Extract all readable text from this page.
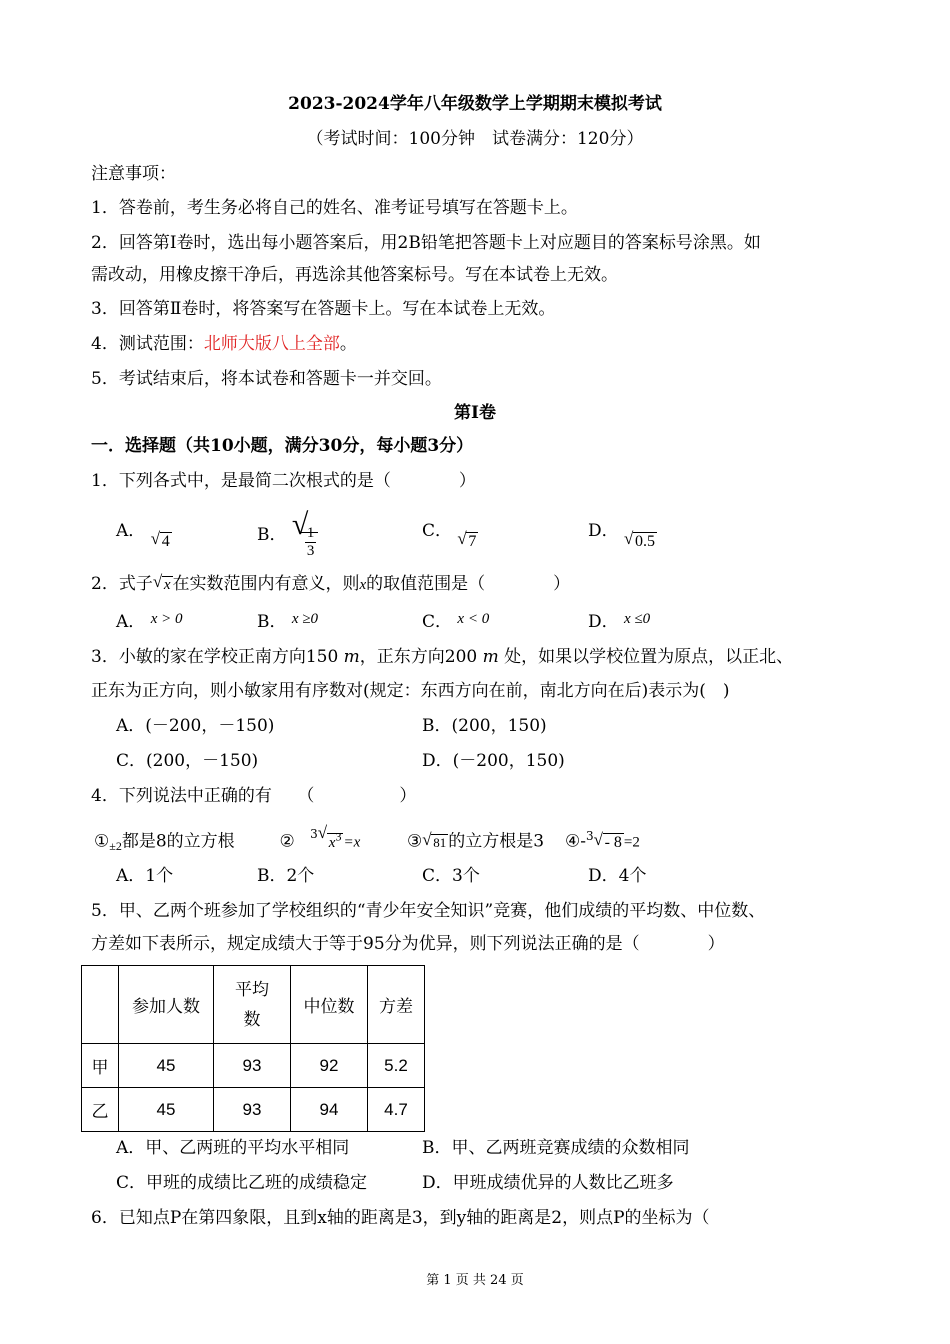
2023-2024学年八年级数学上学期期末模拟考试
（考试时间：100分钟　试卷满分：120分）
注意事项：
1．答卷前，考生务必将自己的姓名、准考证号填写在答题卡上。
2．回答第Ⅰ卷时，选出每小题答案后，用2B铅笔把答题卡上对应题目的答案标号涂黑。如
需改动，用橡皮擦干净后，再选涂其他答案标号。写在本试卷上无效。
3．回答第Ⅱ卷时，将答案写在答题卡上。写在本试卷上无效。
4．测试范围：北师大版八上全部。
5．考试结束后，将本试卷和答题卡一并交回。
第Ⅰ卷
一．选择题（共10小题，满分30分，每小题3分）
1．下列各式中，是最简二次根式的是（　　　　）
A． √ 4	B． √
$\frac{1}{3}$	C． √ 7
D． √ 0.5
2．式子 √ x 在实数范围内有意义，则x的取值范围是（　　　　）
A． x > 0	B． x ≥0	C． x < 0	D． x ≤0
3．小敏的家在学校正南方向150 m，正东方向200 m 处，如果以学校位置为原点，以正北、
正东为正方向，则小敏家用有序数对(规定：东西方向在前，南北方向在后)表示为(　)
A．(－200，－150)	B．(200，150)
C．(200，－150)	D．(－200，150)
4．下列说法中正确的有　　（　　　　　）
①±2都是8的立方根	② $^3$ √
$x^3 =x$	③ √ 81 的立方根是3 ④-$^3$ √ - 8 =2
A．1个	B．2个	C．3个	D．4个
5．甲、乙两个班参加了学校组织的“青少年安全知识”竞赛，他们成绩的平均数、中位数、
方差如下表所示，规定成绩大于等于95分为优异，则下列说法正确的是（　　　　）
	参加人数	平均
数	中位数	方差
甲	45	93	92	5.2
乙	45	93	94	4.7
A．甲、乙两班的平均水平相同	B．甲、乙两班竞赛成绩的众数相同
C．甲班的成绩比乙班的成绩稳定	D．甲班成绩优异的人数比乙班多
6．已知点P在第四象限，且到x轴的距离是3，到y轴的距离是2，则点P的坐标为（
第 1 页 共 24 页
